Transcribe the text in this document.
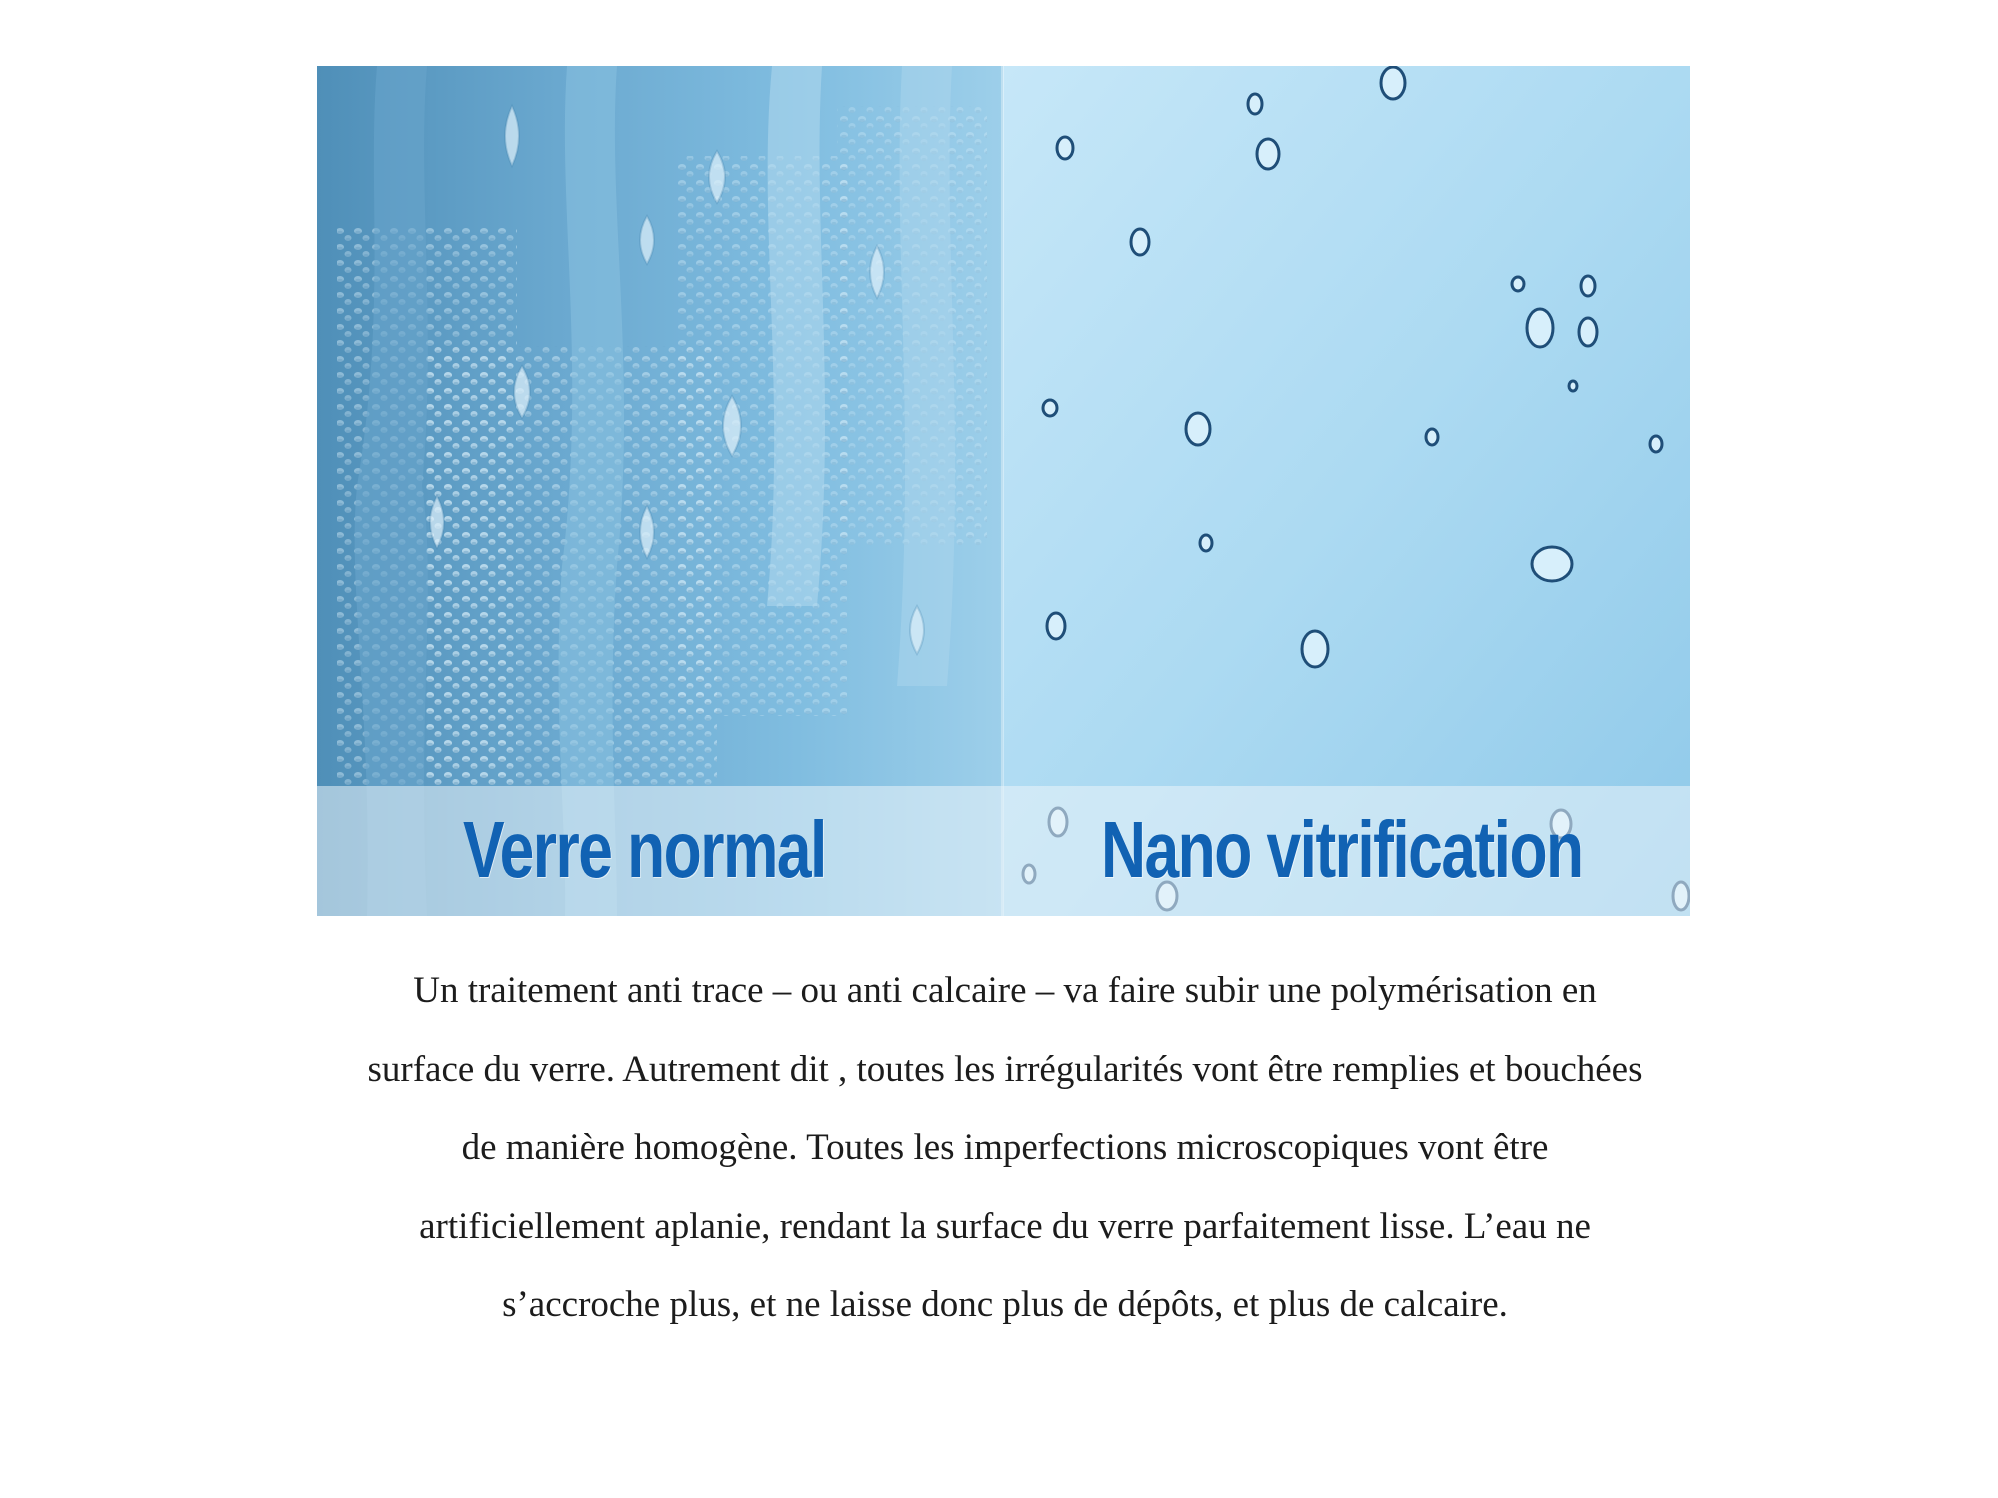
Verre normal	Nano vitrification

Un traitement anti trace – ou anti calcaire – va faire subir une polymérisation en surface du verre. Autrement dit , toutes les irrégularités vont être remplies et bouchées de manière homogène. Toutes les imperfections microscopiques vont être artificiellement aplanie, rendant la surface du verre parfaitement lisse. L’eau ne s’accroche plus, et ne laisse donc plus de dépôts, et plus de calcaire.
